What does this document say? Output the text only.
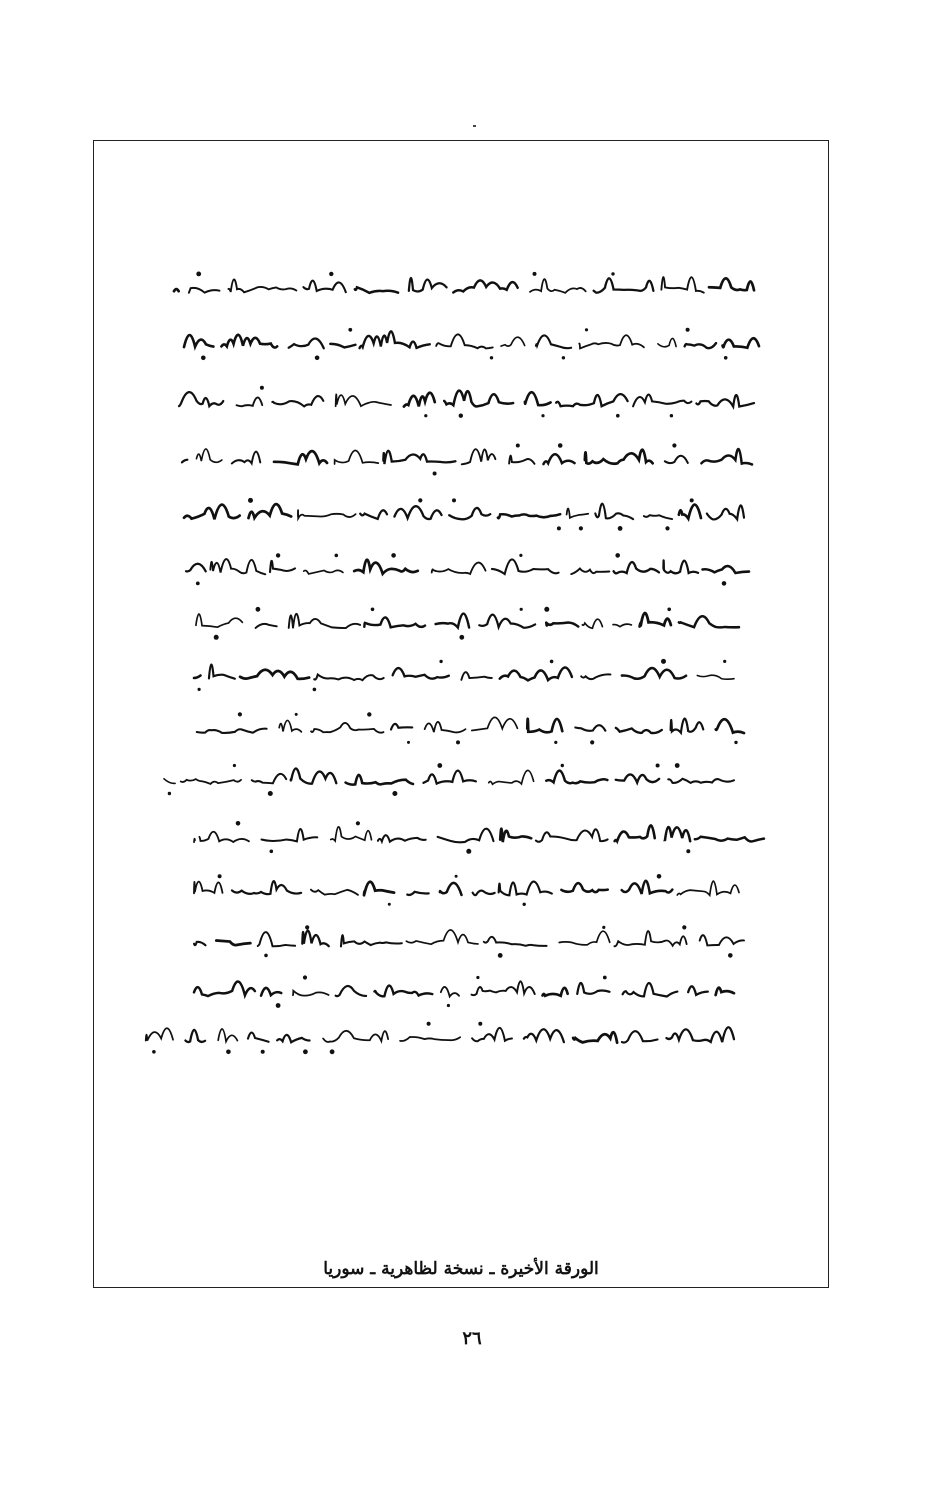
الورقة الأخيرة ـ نسخة لظاهرية ـ سوريا
٢٦
